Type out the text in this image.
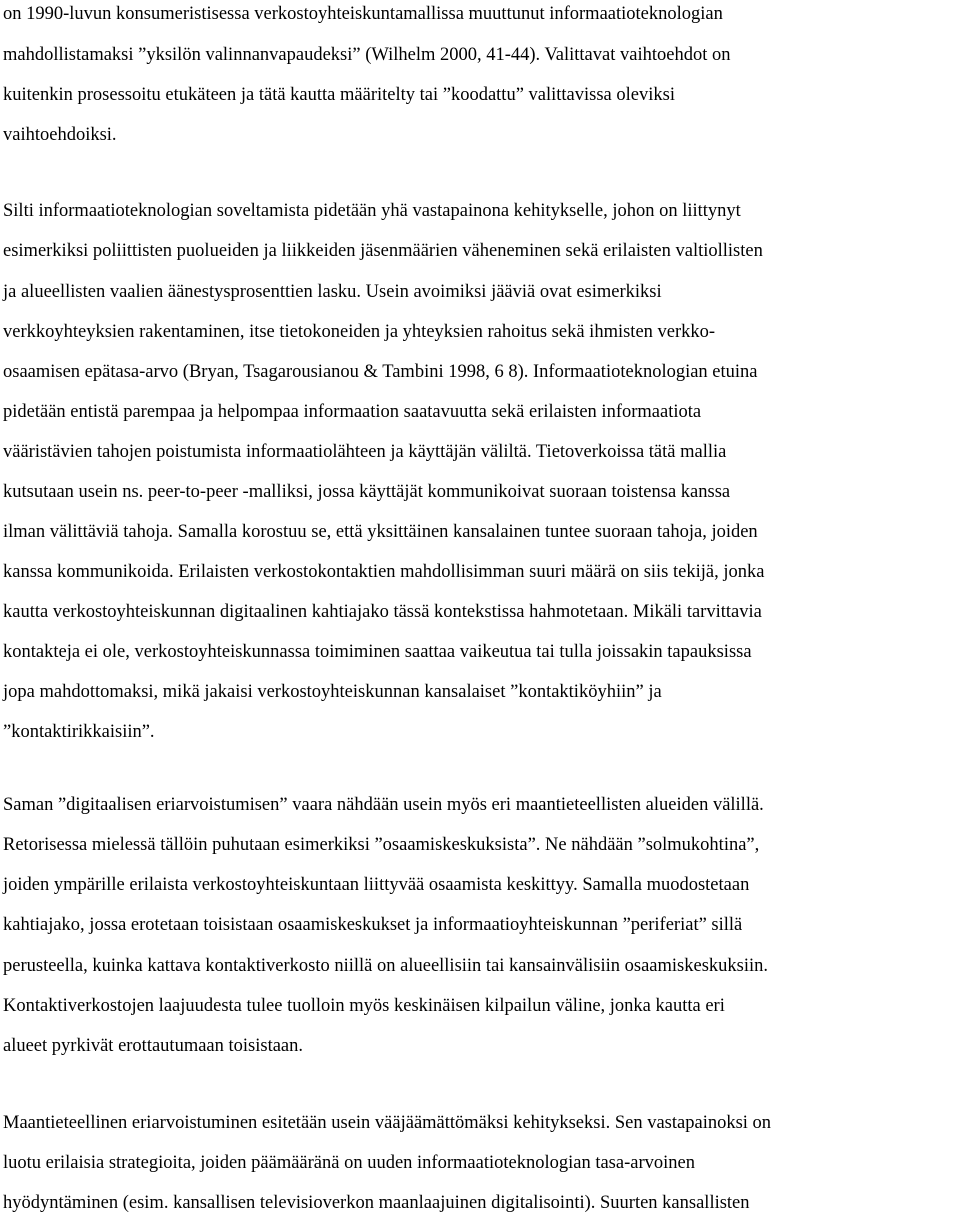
on 1990-luvun konsumeristisessa verkostoyhteiskuntamallissa muuttunut informaatioteknologian
mahdollistamaksi ”yksilön valinnanvapaudeksi” (Wilhelm 2000, 41-44). Valittavat vaihtoehdot on
kuitenkin prosessoitu etukäteen ja tätä kautta määritelty tai ”koodattu” valittavissa oleviksi
vaihtoehdoiksi.
Silti informaatioteknologian soveltamista pidetään yhä vastapainona kehitykselle, johon on liittynyt
esimerkiksi poliittisten puolueiden ja liikkeiden jäsenmäärien väheneminen sekä erilaisten valtiollisten
ja alueellisten vaalien äänestysprosenttien lasku. Usein avoimiksi jääviä ovat esimerkiksi
verkkoyhteyksien rakentaminen, itse tietokoneiden ja yhteyksien rahoitus sekä ihmisten verkko-
osaamisen epätasa-arvo (Bryan, Tsagarousianou & Tambini 1998, 6 8). Informaatioteknologian etuina
pidetään entistä parempaa ja helpompaa informaation saatavuutta sekä erilaisten informaatiota
vääristävien tahojen poistumista informaatiolähteen ja käyttäjän väliltä. Tietoverkoissa tätä mallia
kutsutaan usein ns. peer-to-peer -malliksi, jossa käyttäjät kommunikoivat suoraan toistensa kanssa
ilman välittäviä tahoja. Samalla korostuu se, että yksittäinen kansalainen tuntee suoraan tahoja, joiden
kanssa kommunikoida. Erilaisten verkostokontaktien mahdollisimman suuri määrä on siis tekijä, jonka
kautta verkostoyhteiskunnan digitaalinen kahtiajako tässä kontekstissa hahmotetaan. Mikäli tarvittavia
kontakteja ei ole, verkostoyhteiskunnassa toimiminen saattaa vaikeutua tai tulla joissakin tapauksissa
jopa mahdottomaksi, mikä jakaisi verkostoyhteiskunnan kansalaiset ”kontaktiköyhiin” ja
”kontaktirikkaisiin”.
Saman ”digitaalisen eriarvoistumisen” vaara nähdään usein myös eri maantieteellisten alueiden välillä.
Retorisessa mielessä tällöin puhutaan esimerkiksi ”osaamiskeskuksista”. Ne nähdään ”solmukohtina”,
joiden ympärille erilaista verkostoyhteiskuntaan liittyvää osaamista keskittyy. Samalla muodostetaan
kahtiajako, jossa erotetaan toisistaan osaamiskeskukset ja informaatioyhteiskunnan ”periferiat” sillä
perusteella, kuinka kattava kontaktiverkosto niillä on alueellisiin tai kansainvälisiin osaamiskeskuksiin.
Kontaktiverkostojen laajuudesta tulee tuolloin myös keskinäisen kilpailun väline, jonka kautta eri
alueet pyrkivät erottautumaan toisistaan.
Maantieteellinen eriarvoistuminen esitetään usein vääjäämättömäksi kehitykseksi. Sen vastapainoksi on
luotu erilaisia strategioita, joiden päämääränä on uuden informaatioteknologian tasa-arvoinen
hyödyntäminen (esim. kansallisen televisioverkon maanlaajuinen digitalisointi). Suurten kansallisten
